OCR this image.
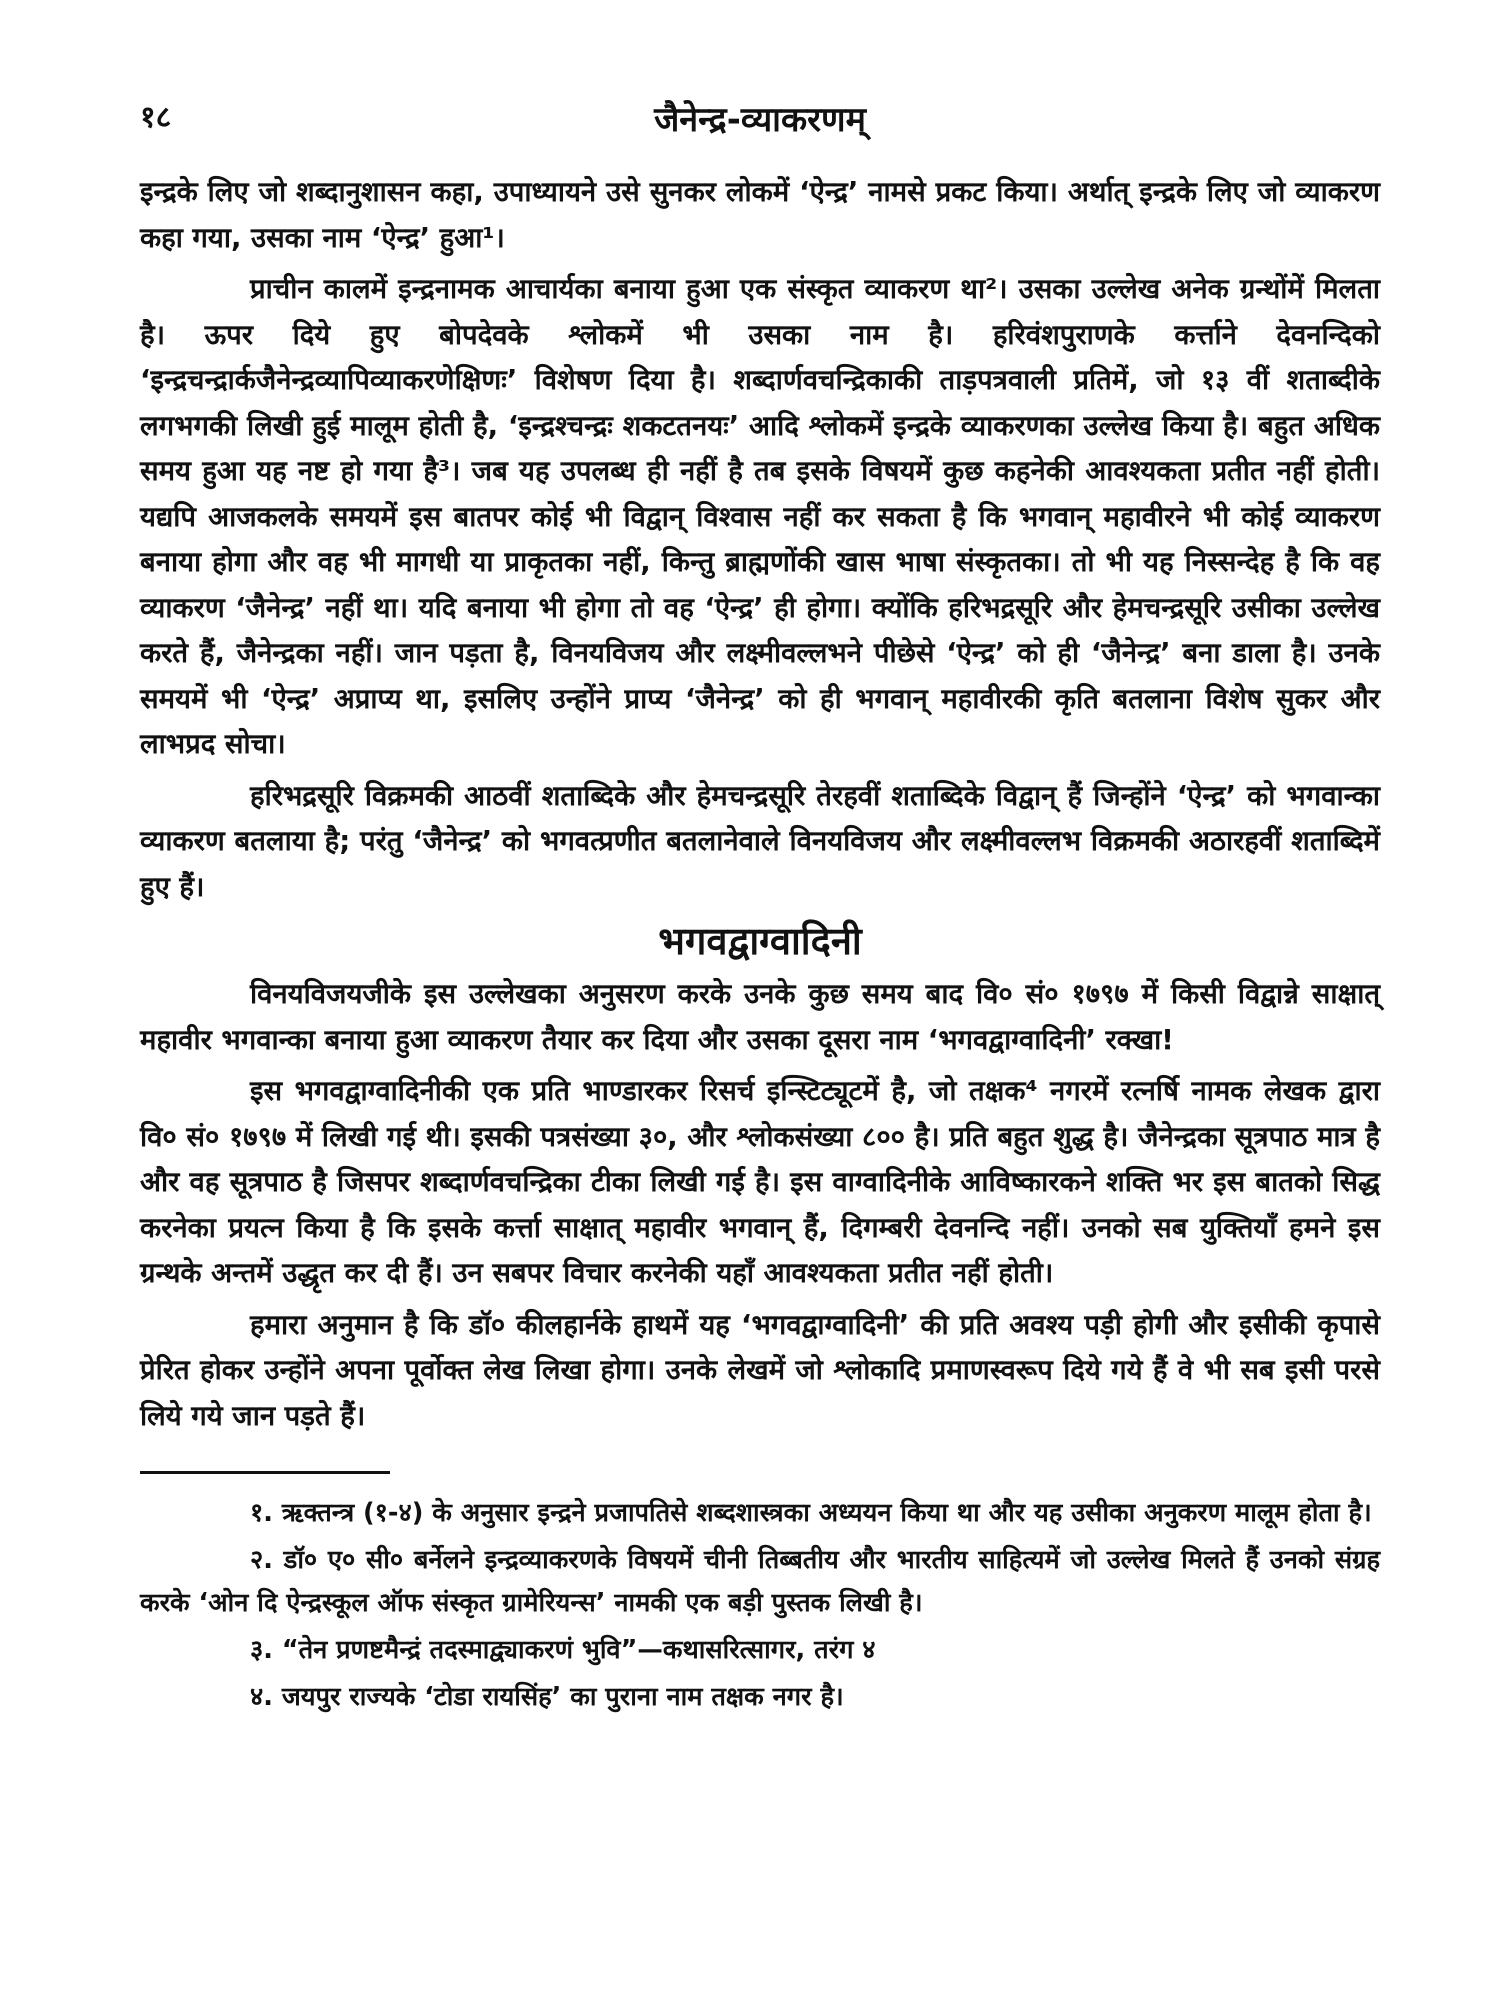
१८	जैनेन्द्र-व्याकरणम्

इन्द्रके लिए जो शब्दानुशासन कहा, उपाध्यायने उसे सुनकर लोकमें ‘ऐन्द्र’ नामसे प्रकट किया। अर्थात् इन्द्रके लिए जो व्याकरण कहा गया, उसका नाम ‘ऐन्द्र’ हुआ¹।

प्राचीन कालमें इन्द्रनामक आचार्यका बनाया हुआ एक संस्कृत व्याकरण था²। उसका उल्लेख अनेक ग्रन्थोंमें मिलता है। ऊपर दिये हुए बोपदेवके श्लोकमें भी उसका नाम है। हरिवंशपुराणके कर्त्ताने देवनन्दिको ‘इन्द्रचन्द्रार्कजैनेन्द्रव्यापिव्याकरणेक्षिणः’ विशेषण दिया है। शब्दार्णवचन्द्रिकाकी ताड़पत्रवाली प्रतिमें, जो १३ वीं शताब्दीके लगभगकी लिखी हुई मालूम होती है, ‘इन्द्रश्चन्द्रः शकटतनयः’ आदि श्लोकमें इन्द्रके व्याकरणका उल्लेख किया है। बहुत अधिक समय हुआ यह नष्ट हो गया है³। जब यह उपलब्ध ही नहीं है तब इसके विषयमें कुछ कहनेकी आवश्यकता प्रतीत नहीं होती। यद्यपि आजकलके समयमें इस बातपर कोई भी विद्वान् विश्वास नहीं कर सकता है कि भगवान् महावीरने भी कोई व्याकरण बनाया होगा और वह भी मागधी या प्राकृतका नहीं, किन्तु ब्राह्मणोंकी खास भाषा संस्कृतका। तो भी यह निस्सन्देह है कि वह व्याकरण ‘जैनेन्द्र’ नहीं था। यदि बनाया भी होगा तो वह ‘ऐन्द्र’ ही होगा। क्योंकि हरिभद्रसूरि और हेमचन्द्रसूरि उसीका उल्लेख करते हैं, जैनेन्द्रका नहीं। जान पड़ता है, विनयविजय और लक्ष्मीवल्लभने पीछेसे ‘ऐन्द्र’ को ही ‘जैनेन्द्र’ बना डाला है। उनके समयमें भी ‘ऐन्द्र’ अप्राप्य था, इसलिए उन्होंने प्राप्य ‘जैनेन्द्र’ को ही भगवान् महावीरकी कृति बतलाना विशेष सुकर और लाभप्रद सोचा।

हरिभद्रसूरि विक्रमकी आठवीं शताब्दिके और हेमचन्द्रसूरि तेरहवीं शताब्दिके विद्वान् हैं जिन्होंने ‘ऐन्द्र’ को भगवान्का व्याकरण बतलाया है; परंतु ‘जैनेन्द्र’ को भगवत्प्रणीत बतलानेवाले विनयविजय और लक्ष्मीवल्लभ विक्रमकी अठारहवीं शताब्दिमें हुए हैं।

भगवद्वाग्वादिनी

विनयविजयजीके इस उल्लेखका अनुसरण करके उनके कुछ समय बाद वि० सं० १७९७ में किसी विद्वान्ने साक्षात् महावीर भगवान्का बनाया हुआ व्याकरण तैयार कर दिया और उसका दूसरा नाम ‘भगवद्वाग्वादिनी’ रक्खा!

इस भगवद्वाग्वादिनीकी एक प्रति भाण्डारकर रिसर्च इन्स्टिट्यूटमें है, जो तक्षक⁴ नगरमें रत्नर्षि नामक लेखक द्वारा वि० सं० १७९७ में लिखी गई थी। इसकी पत्रसंख्या ३०, और श्लोकसंख्या ८०० है। प्रति बहुत शुद्ध है। जैनेन्द्रका सूत्रपाठ मात्र है और वह सूत्रपाठ है जिसपर शब्दार्णवचन्द्रिका टीका लिखी गई है। इस वाग्वादिनीके आविष्कारकने शक्ति भर इस बातको सिद्ध करनेका प्रयत्न किया है कि इसके कर्त्ता साक्षात् महावीर भगवान् हैं, दिगम्बरी देवनन्दि नहीं। उनको सब युक्तियाँ हमने इस ग्रन्थके अन्तमें उद्धृत कर दी हैं। उन सबपर विचार करनेकी यहाँ आवश्यकता प्रतीत नहीं होती।

हमारा अनुमान है कि डॉ० कीलहार्नके हाथमें यह ‘भगवद्वाग्वादिनी’ की प्रति अवश्य पड़ी होगी और इसीकी कृपासे प्रेरित होकर उन्होंने अपना पूर्वोक्त लेख लिखा होगा। उनके लेखमें जो श्लोकादि प्रमाणस्वरूप दिये गये हैं वे भी सब इसी परसे लिये गये जान पड़ते हैं।

१. ऋक्तन्त्र (१-४) के अनुसार इन्द्रने प्रजापतिसे शब्दशास्त्रका अध्ययन किया था और यह उसीका अनुकरण मालूम होता है।

२. डॉ० ए० सी० बर्नेलने इन्द्रव्याकरणके विषयमें चीनी तिब्बतीय और भारतीय साहित्यमें जो उल्लेख मिलते हैं उनको संग्रह करके ‘ओन दि ऐन्द्रस्कूल ऑफ संस्कृत ग्रामेरियन्स’ नामकी एक बड़ी पुस्तक लिखी है।

३. “तेन प्रणष्टमैन्द्रं तदस्माद्व्याकरणं भुवि”—कथासरित्सागर, तरंग ४

४. जयपुर राज्यके ‘टोडा रायसिंह’ का पुराना नाम तक्षक नगर है।
